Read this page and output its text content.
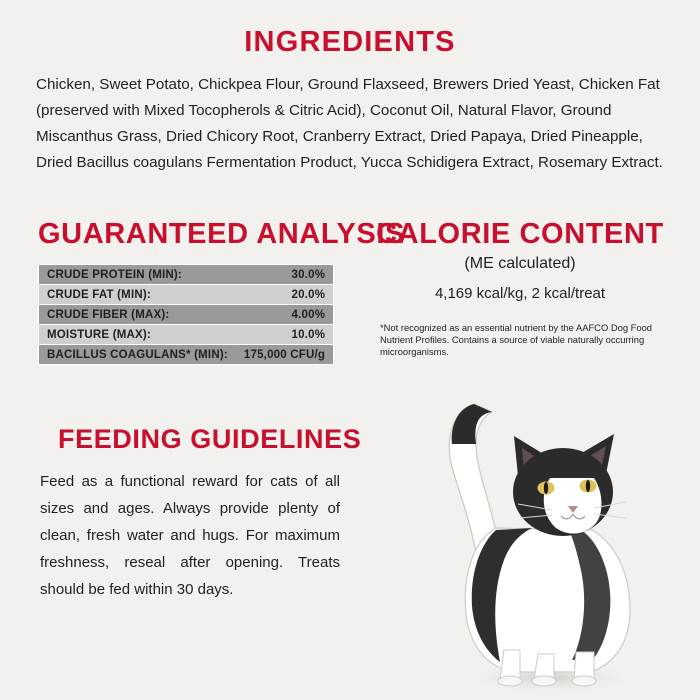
INGREDIENTS
Chicken, Sweet Potato, Chickpea Flour, Ground Flaxseed, Brewers Dried Yeast, Chicken Fat (preserved with Mixed Tocopherols & Citric Acid), Coconut Oil, Natural Flavor, Ground Miscanthus Grass, Dried Chicory Root, Cranberry Extract, Dried Papaya, Dried Pineapple, Dried Bacillus coagulans Fermentation Product, Yucca Schidigera Extract, Rosemary Extract.
GUARANTEED ANALYSIS
CRUDE PROTEIN (MIN):	30.0%
CRUDE FAT (MIN):	20.0%
CRUDE FIBER (MAX):	4.00%
MOISTURE (MAX):	10.0%
BACILLUS COAGULANS* (MIN):	175,000 CFU/g
CALORIE CONTENT
(ME calculated)
4,169 kcal/kg, 2 kcal/treat
*Not recognized as an essential nutrient by the AAFCO Dog Food Nutrient Profiles. Contains a source of viable naturally occurring microorganisms.
FEEDING GUIDELINES
Feed as a functional reward for cats of all sizes and ages. Always provide plenty of clean, fresh water and hugs. For maximum freshness, reseal after opening. Treats should be fed within 30 days.
